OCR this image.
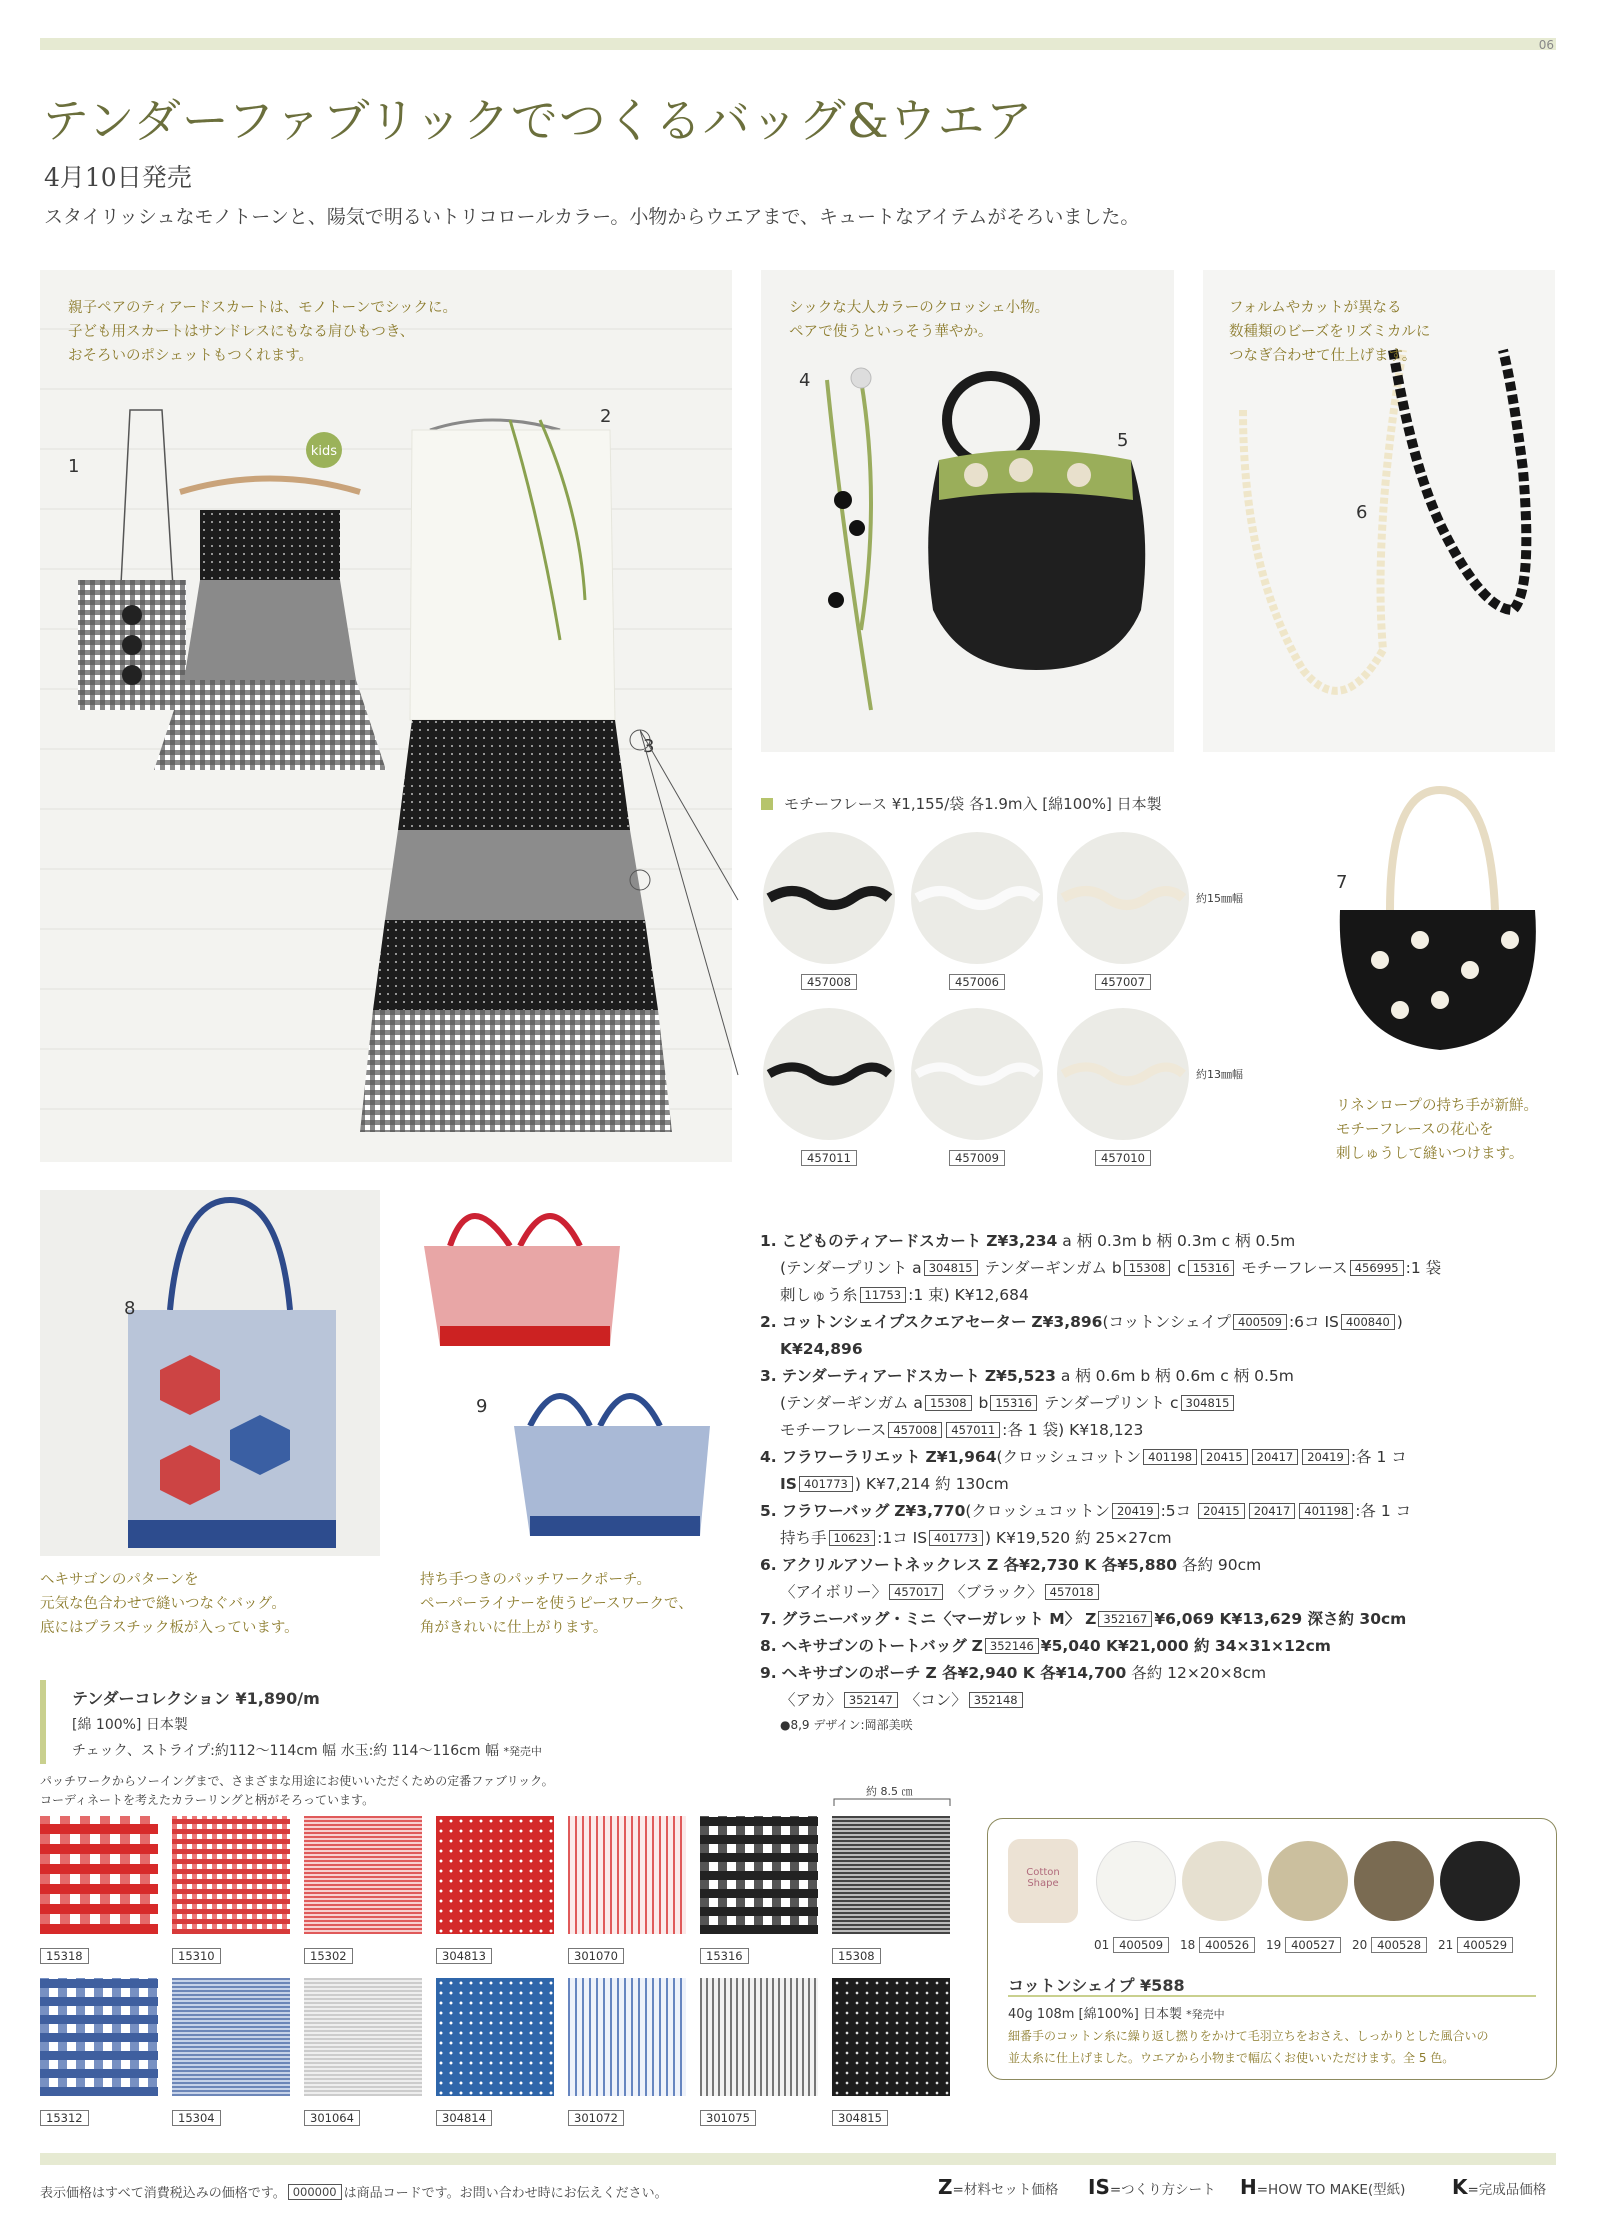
06
テンダーファブリックでつくるバッグ&ウエア
4月10日発売
スタイリッシュなモノトーンと、陽気で明るいトリコロールカラー。小物からウエアまで、キュートなアイテムがそろいました。
kids
親子ペアのティアードスカートは、モノトーンでシックに。
子ども用スカートはサンドレスにもなる肩ひもつき、
おそろいのポシェットもつくれます。
1
2
3
シックな大人カラーのクロッシェ小物。
ペアで使うといっそう華やか。
4
5
フォルムやカットが異なる
数種類のビーズをリズミカルに
つなぎ合わせて仕上げます。
6
モチーフレース ¥1,155/袋 各1.9m入 [綿100%] 日本製
457008	457006	457007
457011	457009	457010
約15㎜幅
約13㎜幅
7
リネンロープの持ち手が新鮮。
モチーフレースの花心を
刺しゅうして縫いつけます。
8
ヘキサゴンのパターンを
元気な色合わせで縫いつなぐバッグ。
底にはプラスチック板が入っています。
9
持ち手つきのパッチワークポーチ。
ペーパーライナーを使うピースワークで、
角がきれいに仕上がります。
1. こどものティアードスカート Z¥3,234 a 柄 0.3m b 柄 0.3m c 柄 0.5m
(テンダープリント a 304815 テンダーギンガム b 15308 c 15316 モチーフレース 456995 :1 袋
刺しゅう糸 11753 :1 束) K¥12,684
2. コットンシェイプスクエアセーター Z¥3,896(コットンシェイプ 400509 :6コ IS 400840 )
K¥24,896
3. テンダーティアードスカート Z¥5,523 a 柄 0.6m b 柄 0.6m c 柄 0.5m
(テンダーギンガム a 15308 b 15316 テンダープリント c 304815
モチーフレース 457008 457011 :各 1 袋) K¥18,123
4. フラワーラリエット Z¥1,964(クロッシュコットン 401198 20415 20417 20419 :各 1 コ
IS 401773 ) K¥7,214 約 130cm
5. フラワーバッグ Z¥3,770(クロッシュコットン 20419 :5コ 20415 20417 401198 :各 1 コ
持ち手 10623 :1コ IS 401773 ) K¥19,520 約 25×27cm
6. アクリルアソートネックレス Z 各¥2,730 K 各¥5,880 各約 90cm
〈アイボリー〉 457017 〈ブラック〉 457018
7. グラニーバッグ・ミニ〈マーガレット M〉 Z 352167 ¥6,069 K¥13,629 深さ約 30cm
8. ヘキサゴンのトートバッグ Z 352146 ¥5,040 K¥21,000 約 34×31×12cm
9. ヘキサゴンのポーチ Z 各¥2,940 K 各¥14,700 各約 12×20×8cm
〈アカ〉 352147 〈コン〉 352148
●8,9 デザイン:岡部美咲
テンダーコレクション ¥1,890/m
[綿 100%] 日本製
チェック、ストライプ:約112〜114cm 幅 水玉:約 114〜116cm 幅 *発売中
パッチワークからソーイングまで、さまざまな用途にお使いいただくための定番ファブリック。
コーディネートを考えたカラーリングと柄がそろっています。
約 8.5 ㎝
15318	15310	15302	304813	301070	15316	15308
15312	15304	301064	304814	301072	301075	304815
Cotton Shape
01 400509	18 400526	19 400527	20 400528	21 400529
コットンシェイプ ¥588
40g 108m [綿100%] 日本製 *発売中
細番手のコットン糸に繰り返し撚りをかけて毛羽立ちをおさえ、しっかりとした風合いの
並太糸に仕上げました。ウエアから小物まで幅広くお使いいただけます。全 5 色。
表示価格はすべて消費税込みの価格です。 000000 は商品コードです。お問い合わせ時にお伝えください。	Z=材料セット価格 IS=つくり方シート H=HOW TO MAKE(型紙) K=完成品価格
